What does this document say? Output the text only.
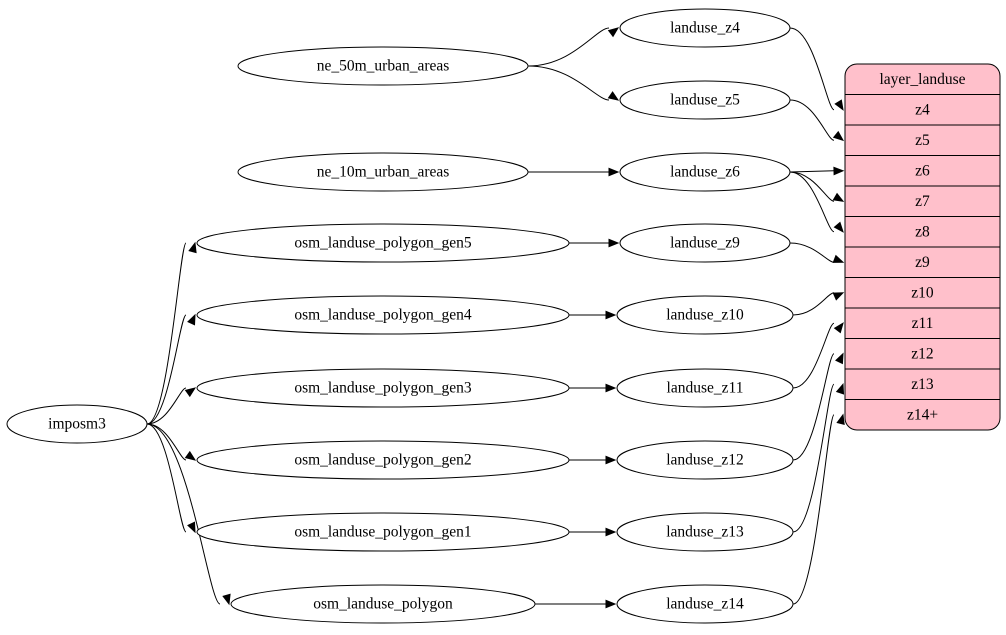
imposm3
ne_50m_urban_areas
ne_10m_urban_areas
osm_landuse_polygon_gen5
osm_landuse_polygon_gen4
osm_landuse_polygon_gen3
osm_landuse_polygon_gen2
osm_landuse_polygon_gen1
osm_landuse_polygon
landuse_z4
landuse_z5
landuse_z6
landuse_z9
landuse_z10
landuse_z11
landuse_z12
landuse_z13
landuse_z14
layer_landuse
z4
z5
z6
z7
z8
z9
z10
z11
z12
z13
z14+
